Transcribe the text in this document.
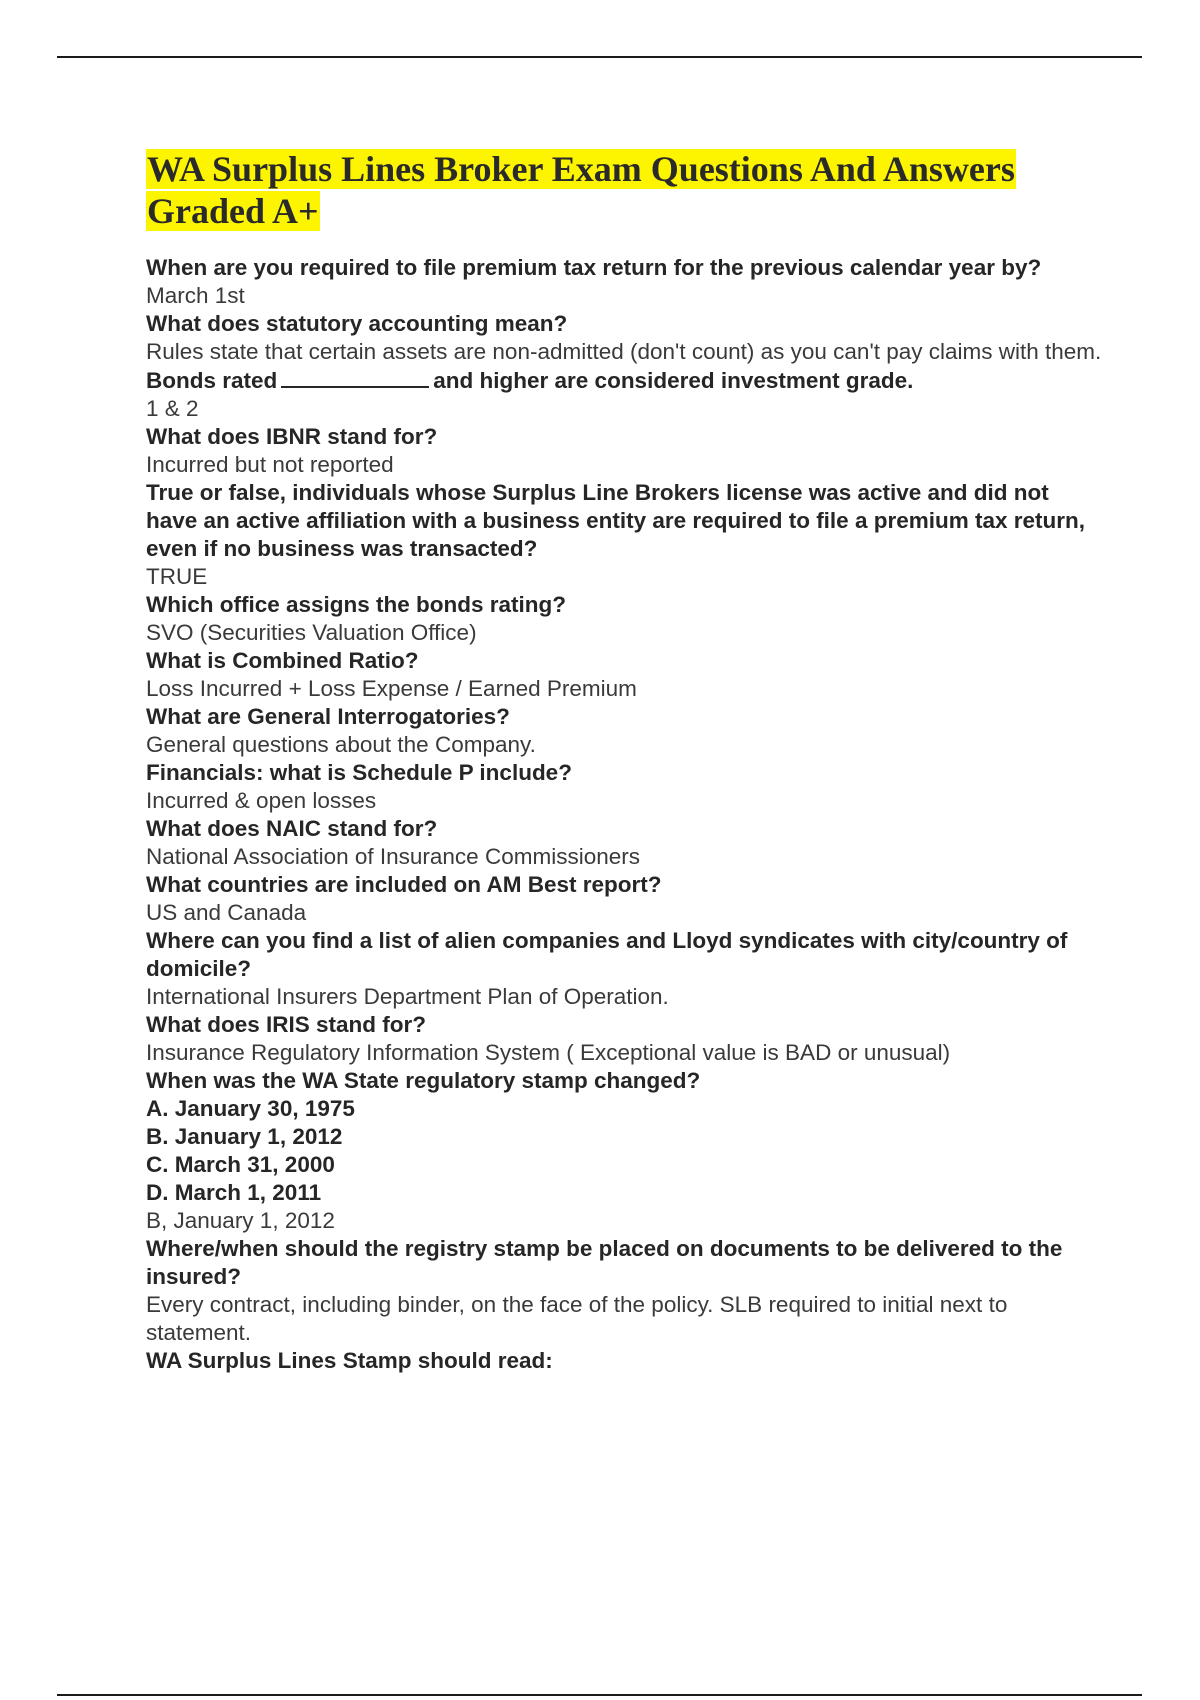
WA Surplus Lines Broker Exam Questions And Answers Graded A+
When are you required to file premium tax return for the previous calendar year by?
March 1st
What does statutory accounting mean?
Rules state that certain assets are non-admitted (don't count) as you can't pay claims with them.
Bonds rated	and higher are considered investment grade.
1 & 2
What does IBNR stand for?
Incurred but not reported
True or false, individuals whose Surplus Line Brokers license was active and did not have an active affiliation with a business entity are required to file a premium tax return, even if no business was transacted?
TRUE
Which office assigns the bonds rating?
SVO (Securities Valuation Office)
What is Combined Ratio?
Loss Incurred + Loss Expense / Earned Premium
What are General Interrogatories?
General questions about the Company.
Financials: what is Schedule P include?
Incurred & open losses
What does NAIC stand for?
National Association of Insurance Commissioners
What countries are included on AM Best report?
US and Canada
Where can you find a list of alien companies and Lloyd syndicates with city/country of domicile?
International Insurers Department Plan of Operation.
What does IRIS stand for?
Insurance Regulatory Information System ( Exceptional value is BAD or unusual)
When was the WA State regulatory stamp changed?
A. January 30, 1975
B. January 1, 2012
C. March 31, 2000
D. March 1, 2011
B, January 1, 2012
Where/when should the registry stamp be placed on documents to be delivered to the insured?
Every contract, including binder, on the face of the policy. SLB required to initial next to statement.
WA Surplus Lines Stamp should read:
